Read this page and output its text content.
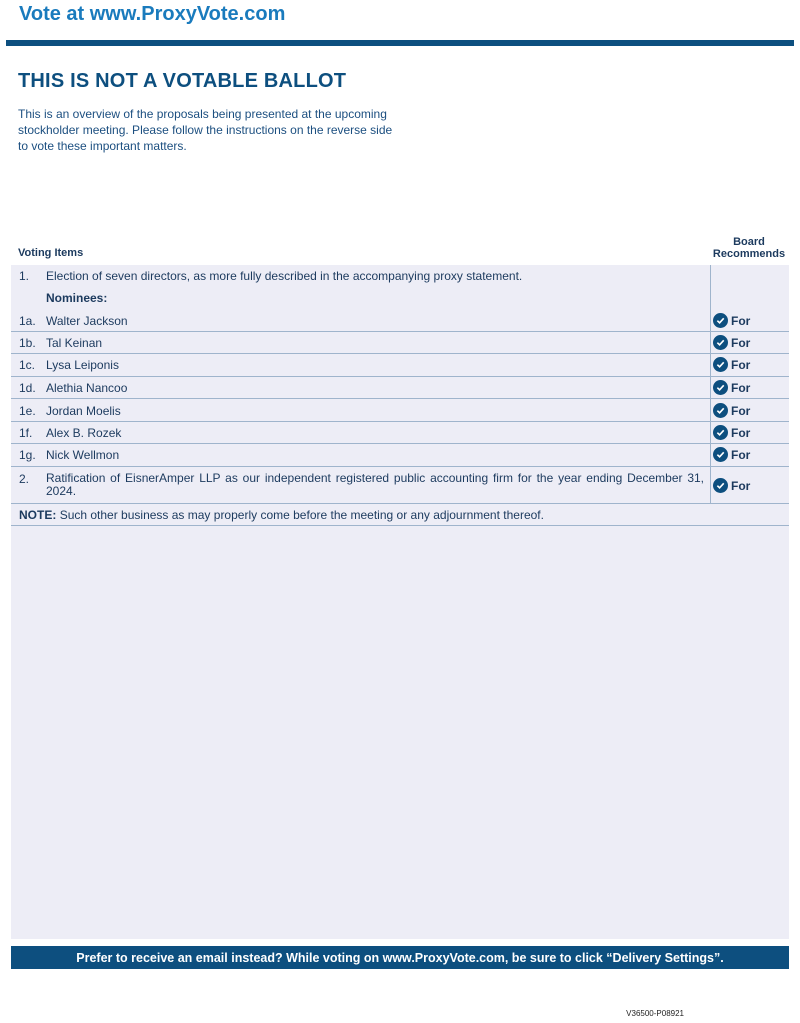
Vote at www.ProxyVote.com
THIS IS NOT A VOTABLE BALLOT
This is an overview of the proposals being presented at the upcoming stockholder meeting. Please follow the instructions on the reverse side to vote these important matters.
Voting Items
Board
Recommends
1. Election of seven directors, as more fully described in the accompanying proxy statement.
Nominees:
1a. Walter Jackson	For
1b. Tal Keinan	For
1c. Lysa Leiponis	For
1d. Alethia Nancoo	For
1e. Jordan Moelis	For
1f. Alex B. Rozek	For
1g. Nick Wellmon	For
2. Ratification of EisnerAmper LLP as our independent registered public accounting firm for the year ending December 31, 2024.	For
NOTE: Such other business as may properly come before the meeting or any adjournment thereof.
Prefer to receive an email instead? While voting on www.ProxyVote.com, be sure to click “Delivery Settings”.
V36500-P08921
